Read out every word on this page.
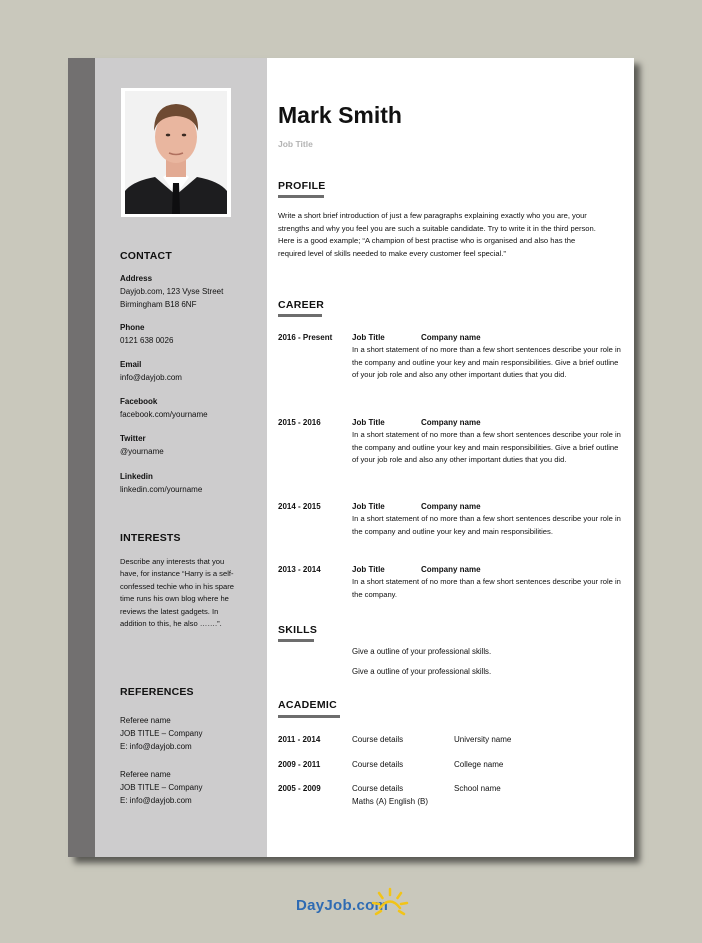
CONTACT
Address
Dayjob.com, 123 Vyse Street
Birmingham B18 6NF
Phone
0121 638 0026
Email
info@dayjob.com
Facebook
facebook.com/yourname
Twitter
@yourname
Linkedin
linkedin.com/yourname
INTERESTS
Describe any interests that you have, for instance “Harry is a self-confessed techie who in his spare time runs his own blog where he reviews the latest gadgets. In addition to this, he also …….”.
REFERENCES
Referee name
JOB TITLE – Company
E: info@dayjob.com
Referee name
JOB TITLE – Company
E: info@dayjob.com
Mark Smith
Job Title
PROFILE
Write a short brief introduction of just a few paragraphs explaining exactly who you are, your strengths and why you feel you are such a suitable candidate. Try to write it in the third person. Here is a good example; “A champion of best practise who is organised and also has the required level of skills needed to make every customer feel special.”
CAREER
2016 - Present Job Title	Company name
In a short statement of no more than a few short sentences describe your role in the company and outline your key and main responsibilities. Give a brief outline of your job role and also any other important duties that you did.
2015 - 2016	Job Title	Company name
In a short statement of no more than a few short sentences describe your role in the company and outline your key and main responsibilities. Give a brief outline of your job role and also any other important duties that you did.
2014 - 2015	Job Title	Company name
In a short statement of no more than a few short sentences describe your role in the company and outline your key and main responsibilities.
2013 - 2014	Job Title	Company name
In a short statement of no more than a few short sentences describe your role in the company.
SKILLS
Give a outline of your professional skills.
Give a outline of your professional skills.
ACADEMIC
2011 - 2014	Course details	University name
2009 - 2011	Course details	College name
2005 - 2009	Course details	School name
Maths (A) English (B)
DayJob.com
